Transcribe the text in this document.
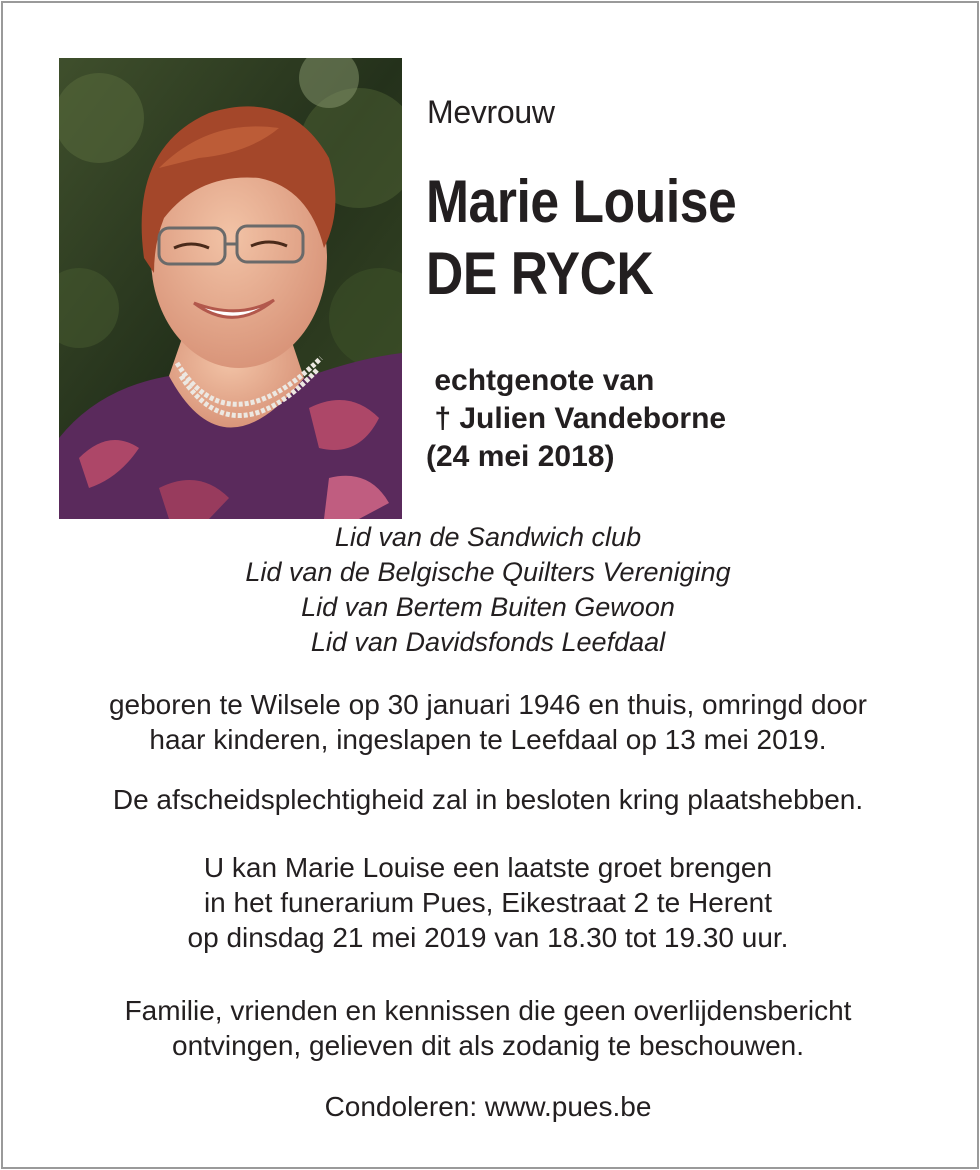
Mevrouw
Marie Louise
DE RYCK
echtgenote van
† Julien Vandeborne
(24 mei 2018)
Lid van de Sandwich club
Lid van de Belgische Quilters Vereniging
Lid van Bertem Buiten Gewoon
Lid van Davidsfonds Leefdaal
geboren te Wilsele op 30 januari 1946 en thuis, omringd door
haar kinderen, ingeslapen te Leefdaal op 13 mei 2019.
De afscheidsplechtigheid zal in besloten kring plaatshebben.
U kan Marie Louise een laatste groet brengen
in het funerarium Pues, Eikestraat 2 te Herent
op dinsdag 21 mei 2019 van 18.30 tot 19.30 uur.
Familie, vrienden en kennissen die geen overlijdensbericht
ontvingen, gelieven dit als zodanig te beschouwen.
Condoleren: www.pues.be
